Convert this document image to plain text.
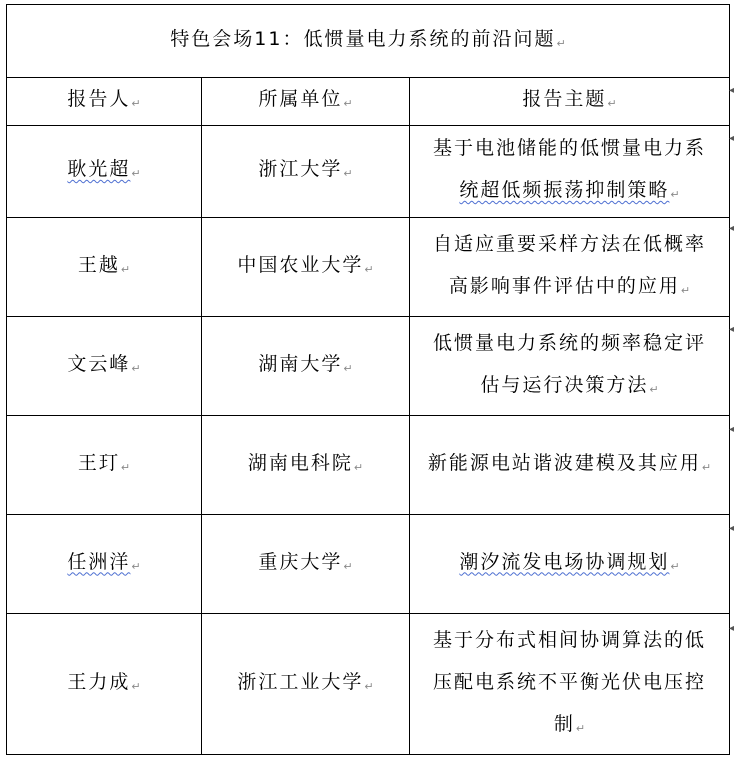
特色会场11：低惯量电力系统的前沿问题↵		
报告人↵	所属单位↵	报告主题↵
耿光超↵	浙江大学↵	基于电池储能的低惯量电力系
统超低频振荡抑制策略↵
王越↵	中国农业大学↵	自适应重要采样方法在低概率
高影响事件评估中的应用↵
文云峰↵	湖南大学↵	低惯量电力系统的频率稳定评
估与运行决策方法↵
王玎↵	湖南电科院↵	新能源电站谐波建模及其应用↵
任洲洋↵	重庆大学↵	潮汐流发电场协调规划↵
王力成↵	浙江工业大学↵	基于分布式相间协调算法的低
压配电系统不平衡光伏电压控
制↵
◂
◂
◂
◂
◂
◂
◂
